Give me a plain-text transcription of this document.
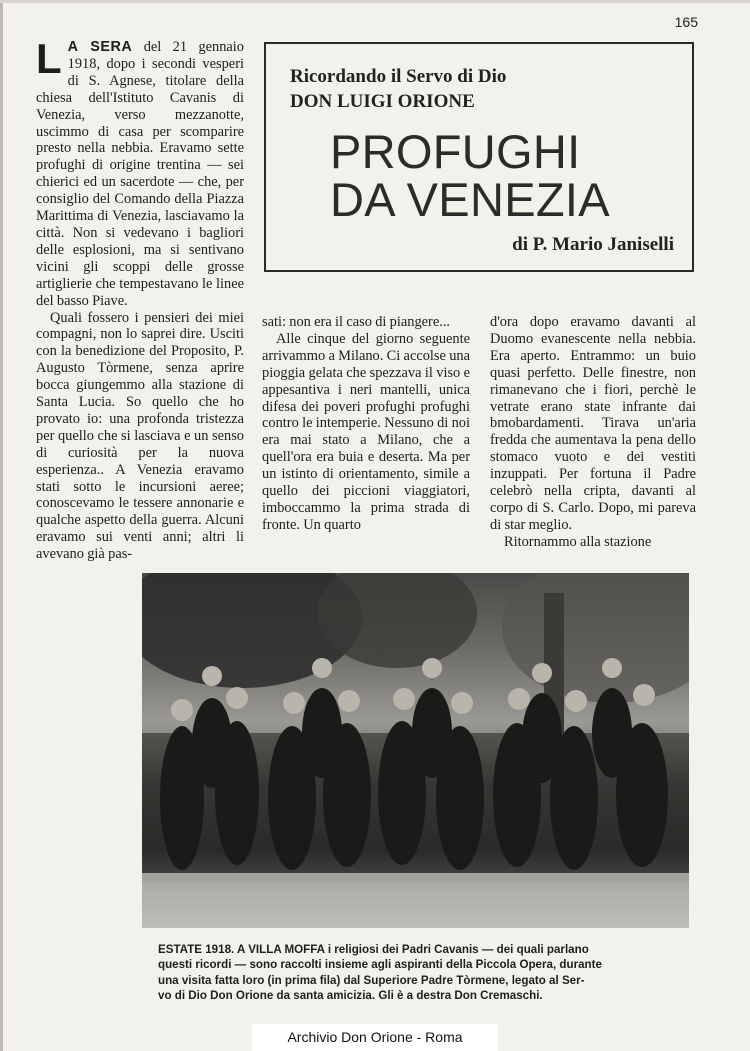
165

L A SERA del 21 gennaio 1918, dopo i secondi vesperi di S. Agnese, titolare della chiesa dell'Istituto Cavanis di Venezia, verso mezzanotte, uscimmo di casa per scomparire presto nella nebbia. Eravamo sette profughi di origine trentina — sei chierici ed un sacerdote — che, per consiglio del Comando della Piazza Marittima di Venezia, lasciavamo la città. Non si vedevano i bagliori delle esplosioni, ma si sentivano vicini gli scoppi delle grosse artiglierie che tempestavano le linee del basso Piave.

Quali fossero i pensieri dei miei compagni, non lo saprei dire. Usciti con la benedizione del Proposito, P. Augusto Tòrmene, senza aprire bocca giungemmo alla stazione di Santa Lucia. So quello che ho provato io: una profonda tristezza per quello che si lasciava e un senso di curiosità per la nuova esperienza.. A Venezia eravamo stati sotto le incursioni aeree; conoscevamo le tessere annonarie e qualche aspetto della guerra. Alcuni eravamo sui venti anni; altri li avevano già pas-

Ricordando il Servo di Dio
DON LUIGI ORIONE
PROFUGHI
DA VENEZIA
di P. Mario Janiselli

sati: non era il caso di piangere...

Alle cinque del giorno seguente arrivammo a Milano. Ci accolse una pioggia gelata che spezzava il viso e appesantiva i neri mantelli, unica difesa dei poveri profughi profughi contro le intemperie. Nessuno di noi era mai stato a Milano, che a quell'ora era buia e deserta. Ma per un istinto di orientamento, simile a quello dei piccioni viaggiatori, imboccammo la prima strada di fronte. Un quarto

d'ora dopo eravamo davanti al Duomo evanescente nella nebbia. Era aperto. Entrammo: un buio quasi perfetto. Delle finestre, non rimanevano che i fiori, perchè le vetrate erano state infrante dai bmobardamenti. Tirava un'aria fredda che aumentava la pena dello stomaco vuoto e dei vestiti inzuppati. Per fortuna il Padre celebrò nella cripta, davanti al corpo di S. Carlo. Dopo, mi pareva di star meglio.

Ritornammo alla stazione

ESTATE 1918. A VILLA MOFFA i religiosi dei Padri Cavanis — dei quali parlano
questi ricordi — sono raccolti insieme agli aspiranti della Piccola Opera, durante
una visita fatta loro (in prima fila) dal Superiore Padre Tòrmene, legato al Ser-
vo di Dio Don Orione da santa amicizia. Gli è a destra Don Cremaschi.
Archivio Don Orione - Roma
